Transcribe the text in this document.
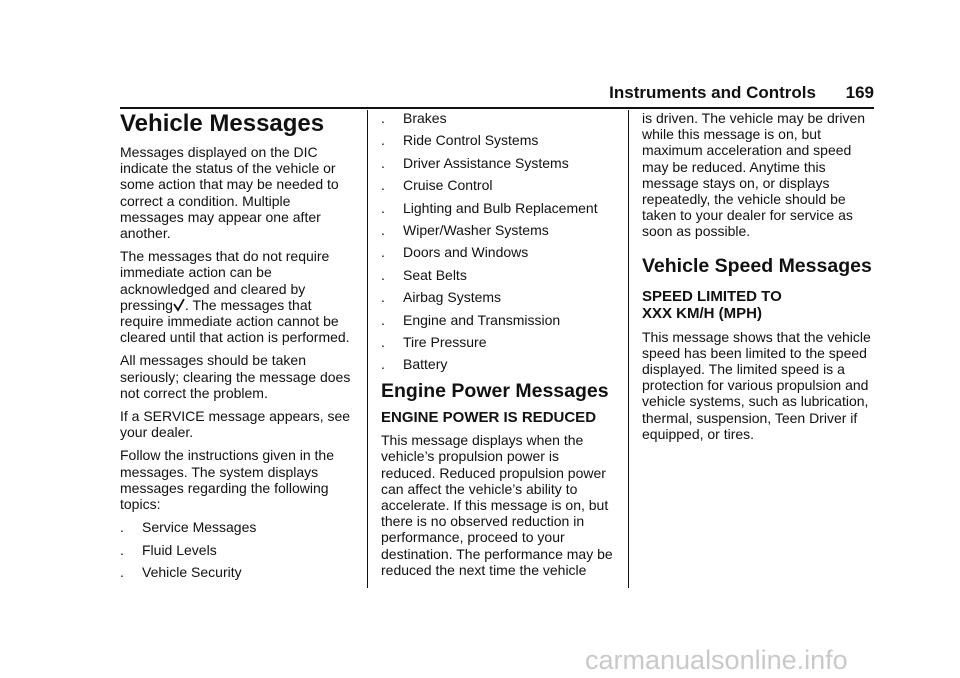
Instruments and Controls 169
Vehicle Messages

Messages displayed on the DIC indicate the status of the vehicle or some action that may be needed to correct a condition. Multiple messages may appear one after another.

The messages that do not require immediate action can be acknowledged and cleared by pressing . The messages that require immediate action cannot be cleared until that action is performed.

All messages should be taken seriously; clearing the message does not correct the problem.

If a SERVICE message appears, see your dealer.

Follow the instructions given in the messages. The system displays messages regarding the following topics:

. Service Messages
. Fluid Levels
. Vehicle Security
. Brakes
. Ride Control Systems
. Driver Assistance Systems
. Cruise Control
. Lighting and Bulb Replacement
. Wiper/Washer Systems
. Doors and Windows
. Seat Belts
. Airbag Systems
. Engine and Transmission
. Tire Pressure
. Battery
Engine Power Messages
ENGINE POWER IS REDUCED

This message displays when the vehicle’s propulsion power is reduced. Reduced propulsion power can affect the vehicle’s ability to accelerate. If this message is on, but there is no observed reduction in performance, proceed to your destination. The performance may be reduced the next time the vehicle

is driven. The vehicle may be driven while this message is on, but maximum acceleration and speed may be reduced. Anytime this message stays on, or displays repeatedly, the vehicle should be taken to your dealer for service as soon as possible.

Vehicle Speed Messages
SPEED LIMITED TO
XXX KM/H (MPH)

This message shows that the vehicle speed has been limited to the speed displayed. The limited speed is a protection for various propulsion and vehicle systems, such as lubrication, thermal, suspension, Teen Driver if equipped, or tires.

carmanualsonline.info
